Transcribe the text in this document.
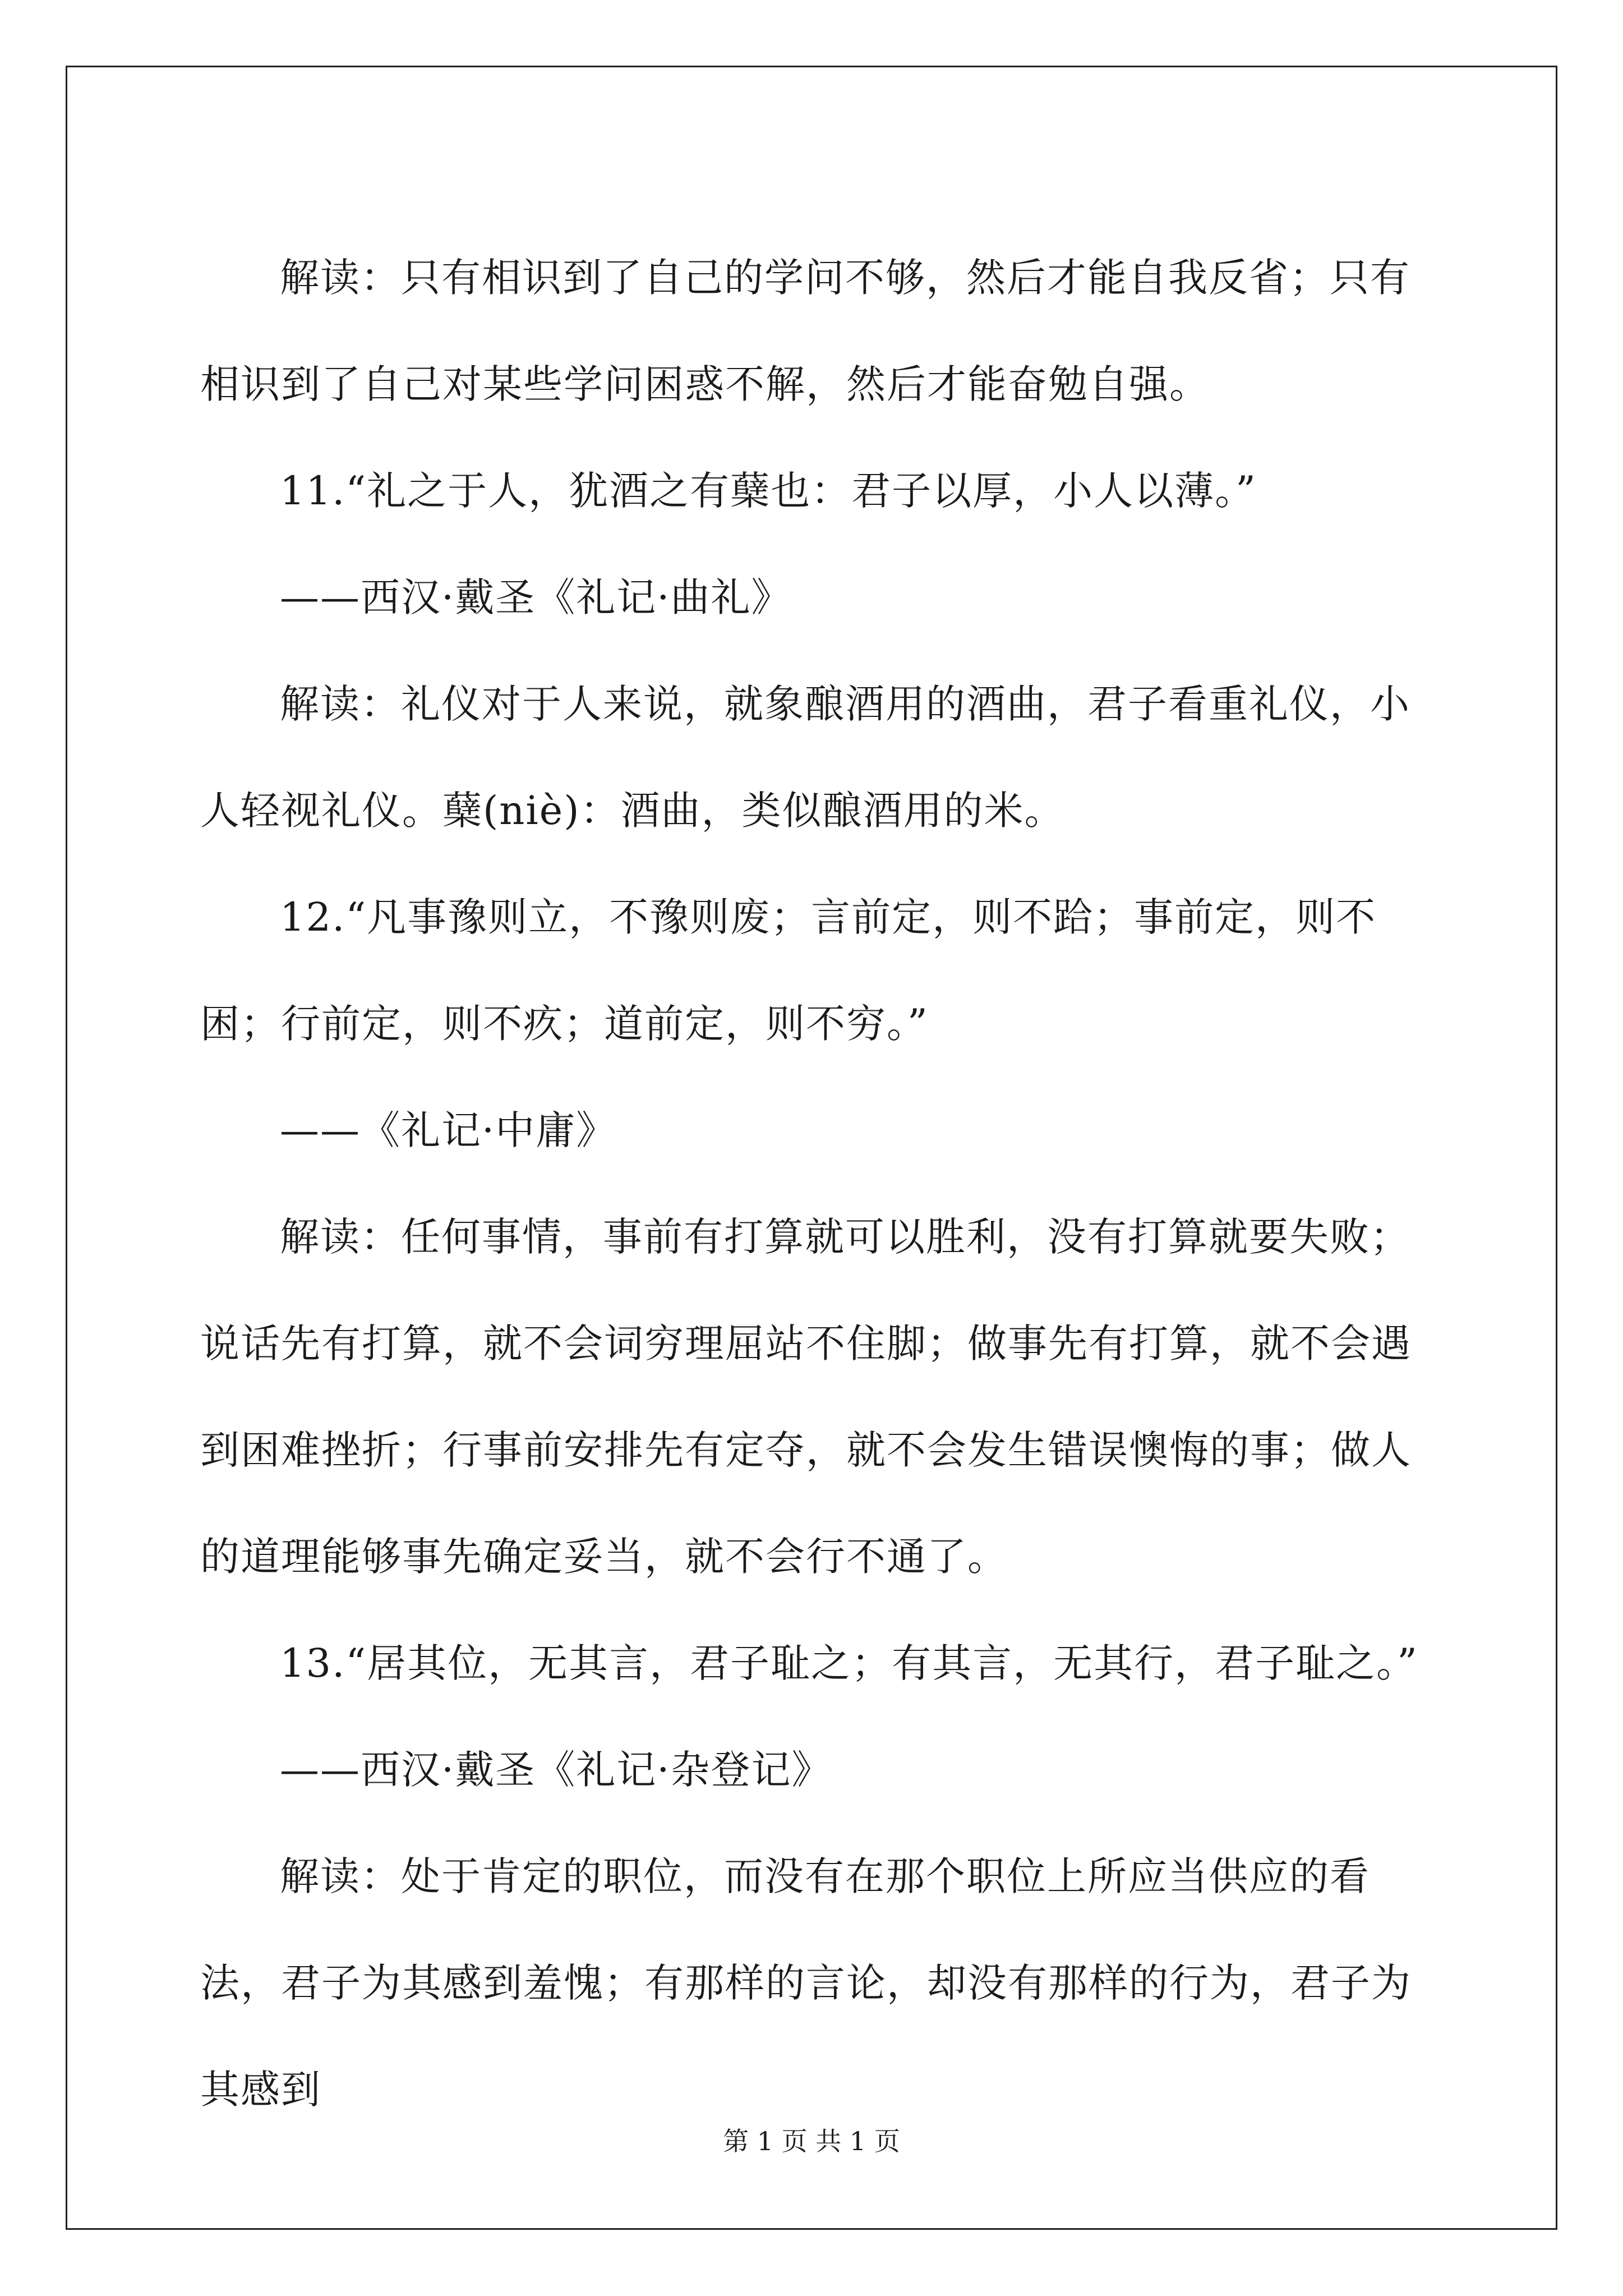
解读：只有相识到了自己的学问不够，然后才能自我反省；只有相识到了自己对某些学问困惑不解，然后才能奋勉自强。

11.“礼之于人，犹酒之有蘖也：君子以厚，小人以薄。”

——西汉·戴圣《礼记·曲礼》

解读：礼仪对于人来说，就象酿酒用的酒曲，君子看重礼仪，小人轻视礼仪。蘖(niè)：酒曲，类似酿酒用的米。

12.“凡事豫则立，不豫则废；言前定，则不跲；事前定，则不困；行前定，则不疚；道前定，则不穷。”

——《礼记·中庸》

解读：任何事情，事前有打算就可以胜利，没有打算就要失败；说话先有打算，就不会词穷理屈站不住脚；做事先有打算，就不会遇到困难挫折；行事前安排先有定夺，就不会发生错误懊悔的事；做人的道理能够事先确定妥当，就不会行不通了。

13.“居其位，无其言，君子耻之；有其言，无其行，君子耻之。”

——西汉·戴圣《礼记·杂登记》

解读：处于肯定的职位，而没有在那个职位上所应当供应的看法，君子为其感到羞愧；有那样的言论，却没有那样的行为，君子为其感到

第 1 页 共 1 页
